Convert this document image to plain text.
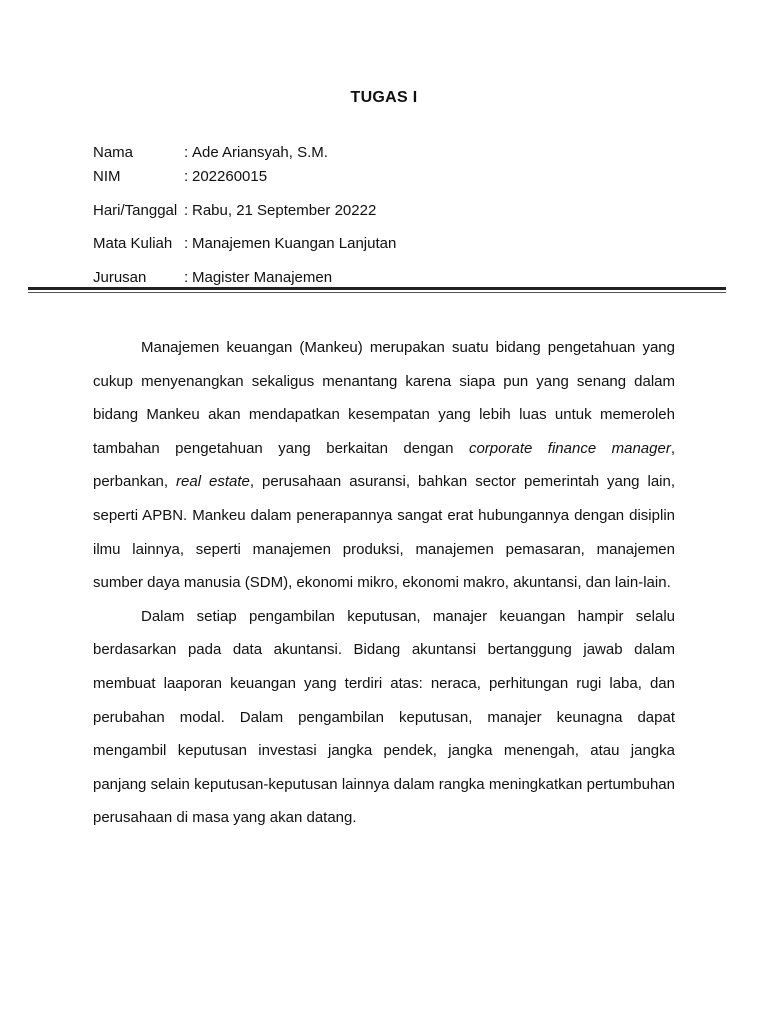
TUGAS I
Nama	: Ade Ariansyah, S.M.
NIM	: 202260015
Hari/Tanggal : Rabu, 21 September 20222
Mata Kuliah : Manajemen Kuangan Lanjutan
Jurusan	: Magister Manajemen

Manajemen keuangan (Mankeu) merupakan suatu bidang pengetahuan yang cukup menyenangkan sekaligus menantang karena siapa pun yang senang dalam bidang Mankeu akan mendapatkan kesempatan yang lebih luas untuk memeroleh tambahan pengetahuan yang berkaitan dengan corporate finance manager, perbankan, real estate, perusahaan asuransi, bahkan sector pemerintah yang lain, seperti APBN. Mankeu dalam penerapannya sangat erat hubungannya dengan disiplin ilmu lainnya, seperti manajemen produksi, manajemen pemasaran, manajemen sumber daya manusia (SDM), ekonomi mikro, ekonomi makro, akuntansi, dan lain-lain.

Dalam setiap pengambilan keputusan, manajer keuangan hampir selalu berdasarkan pada data akuntansi. Bidang akuntansi bertanggung jawab dalam membuat laaporan keuangan yang terdiri atas: neraca, perhitungan rugi laba, dan perubahan modal. Dalam pengambilan keputusan, manajer keunagna dapat mengambil keputusan investasi jangka pendek, jangka menengah, atau jangka panjang selain keputusan-keputusan lainnya dalam rangka meningkatkan pertumbuhan perusahaan di masa yang akan datang.
